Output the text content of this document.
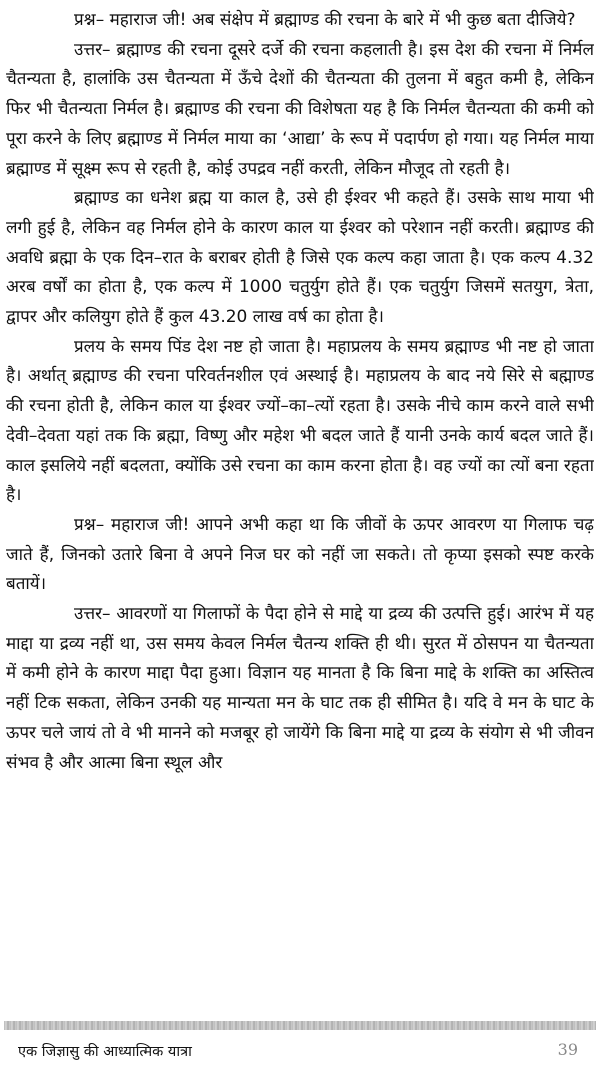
प्रश्न– महाराज जी! अब संक्षेप में ब्रह्माण्ड की रचना के बारे में भी कुछ बता दीजिये?

उत्तर– ब्रह्माण्ड की रचना दूसरे दर्जे की रचना कहलाती है। इस देश की रचना में निर्मल चैतन्यता है, हालांकि उस चैतन्यता में ऊँचे देशों की चैतन्यता की तुलना में बहुत कमी है, लेकिन फिर भी चैतन्यता निर्मल है। ब्रह्माण्ड की रचना की विशेषता यह है कि निर्मल चैतन्यता की कमी को पूरा करने के लिए ब्रह्माण्ड में निर्मल माया का ‘आद्या’ के रूप में पदार्पण हो गया। यह निर्मल माया ब्रह्माण्ड में सूक्ष्म रूप से रहती है, कोई उपद्रव नहीं करती, लेकिन मौजूद तो रहती है।

ब्रह्माण्ड का धनेश ब्रह्म या काल है, उसे ही ईश्वर भी कहते हैं। उसके साथ माया भी लगी हुई है, लेकिन वह निर्मल होने के कारण काल या ईश्वर को परेशान नहीं करती। ब्रह्माण्ड की अवधि ब्रह्मा के एक दिन–रात के बराबर होती है जिसे एक कल्प कहा जाता है। एक कल्प 4.32 अरब वर्षों का होता है, एक कल्प में 1000 चतुर्युग होते हैं। एक चतुर्युग जिसमें सतयुग, त्रेता, द्वापर और कलियुग होते हैं कुल 43.20 लाख वर्ष का होता है।

प्रलय के समय पिंड देश नष्ट हो जाता है। महाप्रलय के समय ब्रह्माण्ड भी नष्ट हो जाता है। अर्थात् ब्रह्माण्ड की रचना परिवर्तनशील एवं अस्थाई है। महाप्रलय के बाद नये सिरे से बह्माण्ड की रचना होती है, लेकिन काल या ईश्वर ज्यों–का–त्यों रहता है। उसके नीचे काम करने वाले सभी देवी–देवता यहां तक कि ब्रह्मा, विष्णु और महेश भी बदल जाते हैं यानी उनके कार्य बदल जाते हैं। काल इसलिये नहीं बदलता, क्योंकि उसे रचना का काम करना होता है। वह ज्यों का त्यों बना रहता है।

प्रश्न– महाराज जी! आपने अभी कहा था कि जीवों के ऊपर आवरण या गिलाफ चढ़ जाते हैं, जिनको उतारे बिना वे अपने निज घर को नहीं जा सकते। तो कृप्या इसको स्पष्ट करके बतायें।

उत्तर– आवरणों या गिलाफों के पैदा होने से माद्दे या द्रव्य की उत्पत्ति हुई। आरंभ में यह माद्दा या द्रव्य नहीं था, उस समय केवल निर्मल चैतन्य शक्ति ही थी। सुरत में ठोसपन या चैतन्यता में कमी होने के कारण माद्दा पैदा हुआ। विज्ञान यह मानता है कि बिना माद्दे के शक्ति का अस्तित्व नहीं टिक सकता, लेकिन उनकी यह मान्यता मन के घाट तक ही सीमित है। यदि वे मन के घाट के ऊपर चले जायं तो वे भी मानने को मजबूर हो जायेंगे कि बिना माद्दे या द्रव्य के संयोग से भी जीवन संभव है और आत्मा बिना स्थूल और

एक जिज्ञासु की आध्यात्मिक यात्रा	39
